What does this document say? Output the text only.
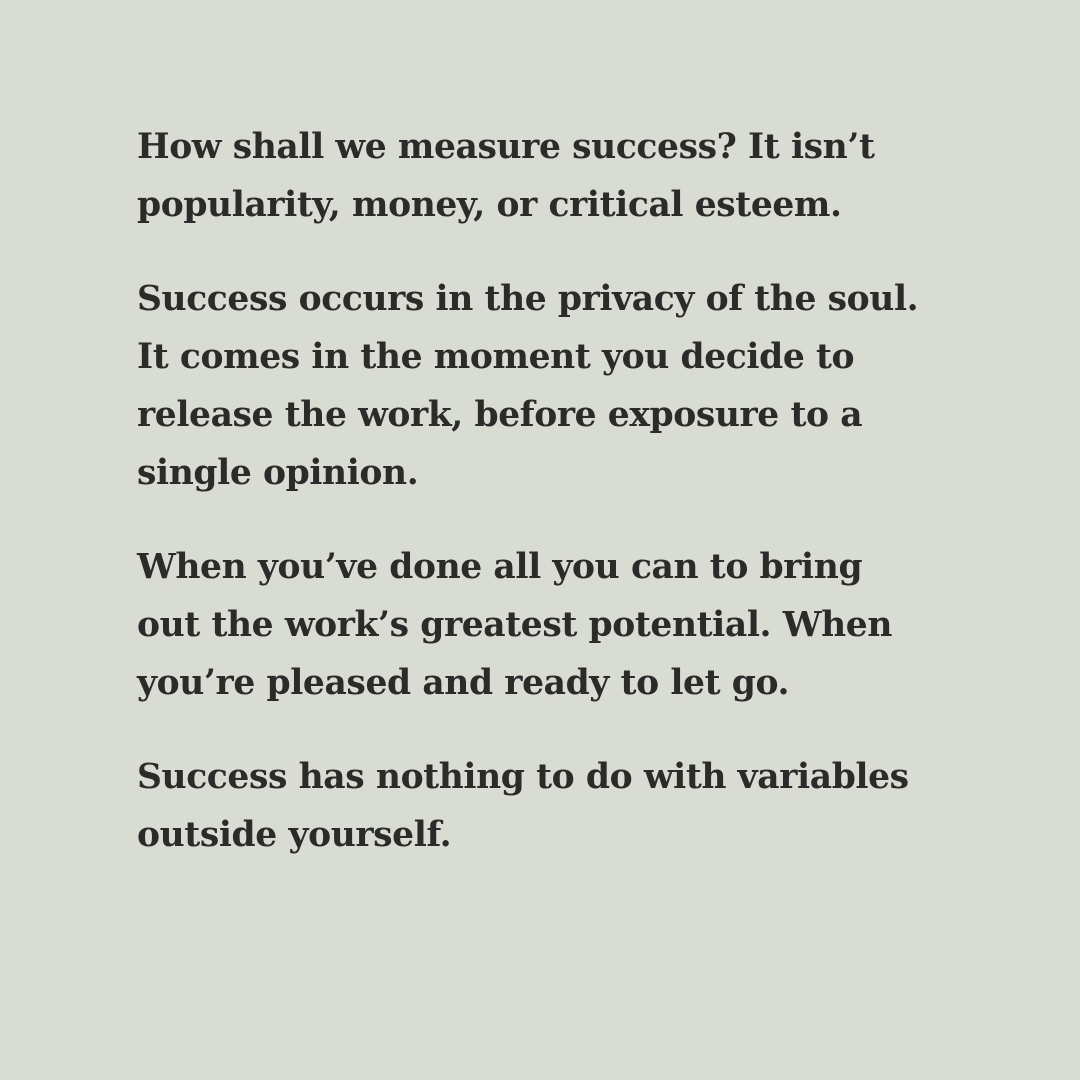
How shall we measure success? It isn’t
popularity, money, or critical esteem.
Success occurs in the privacy of the soul.
It comes in the moment you decide to
release the work, before exposure to a
single opinion.
When you’ve done all you can to bring
out the work’s greatest potential. When
you’re pleased and ready to let go.
Success has nothing to do with variables
outside yourself.
